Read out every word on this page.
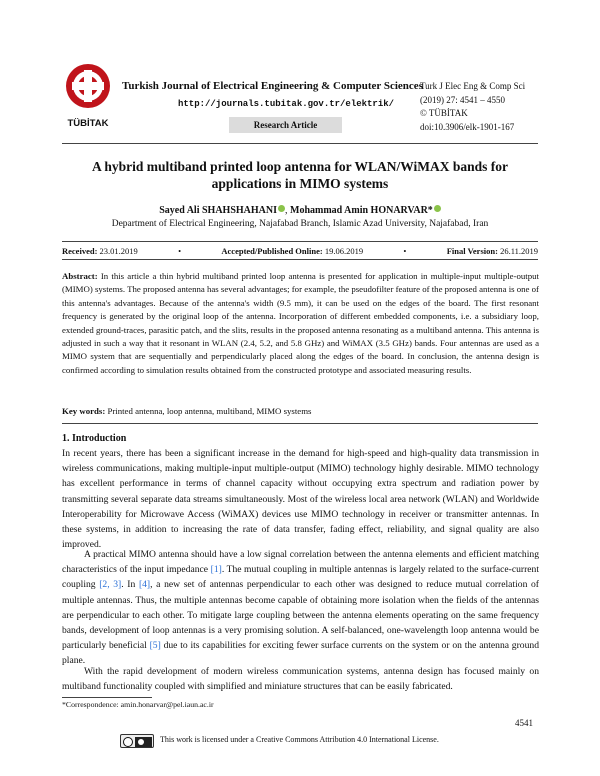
TÜBİTAK
Turkish Journal of Electrical Engineering & Computer Sciences
http://journals.tubitak.gov.tr/elektrik/
Research Article
Turk J Elec Eng & Comp Sci
(2019) 27: 4541 – 4550
© TÜBİTAK
doi:10.3906/elk-1901-167
A hybrid multiband printed loop antenna for WLAN/WiMAX bands for applications in MIMO systems
Sayed Ali SHAHSHAHANI , Mohammad Amin HONARVAR*
Department of Electrical Engineering, Najafabad Branch, Islamic Azad University, Najafabad, Iran
Received: 23.01.2019	•	Accepted/Published Online: 19.06.2019	•	Final Version: 26.11.2019
Abstract: In this article a thin hybrid multiband printed loop antenna is presented for application in multiple-input multiple-output (MIMO) systems. The proposed antenna has several advantages; for example, the pseudofilter feature of the proposed antenna is one of this antenna's advantages. Because of the antenna's width (9.5 mm), it can be used on the edges of the board. The first resonant frequency is generated by the original loop of the antenna. Incorporation of different embedded components, i.e. a subsidiary loop, extended ground-traces, parasitic patch, and the slits, results in the proposed antenna resonating as a multiband antenna. This antenna is adjusted in such a way that it resonant in WLAN (2.4, 5.2, and 5.8 GHz) and WiMAX (3.5 GHz) bands. Four antennas are used as a MIMO system that are sequentially and perpendicularly placed along the edges of the board. In conclusion, the antenna design is confirmed according to simulation results obtained from the constructed prototype and associated measuring results.
Key words: Printed antenna, loop antenna, multiband, MIMO systems
1. Introduction
In recent years, there has been a significant increase in the demand for high-speed and high-quality data transmission in wireless communications, making multiple-input multiple-output (MIMO) technology highly desirable. MIMO technology has excellent performance in terms of channel capacity without occupying extra spectrum and radiation power by transmitting several separate data streams simultaneously. Most of the wireless local area network (WLAN) and Worldwide Interoperability for Microwave Access (WiMAX) devices use MIMO technology in receiver or transmitter antennas. In these systems, in addition to increasing the rate of data transfer, fading effect, reliability, and signal quality are also improved.
A practical MIMO antenna should have a low signal correlation between the antenna elements and efficient matching characteristics of the input impedance [1]. The mutual coupling in multiple antennas is largely related to the surface-current coupling [2, 3]. In [4], a new set of antennas perpendicular to each other was designed to reduce mutual correlation of multiple antennas. Thus, the multiple antennas become capable of obtaining more isolation when the fields of the antennas are perpendicular to each other. To mitigate large coupling between the antenna elements operating on the same frequency bands, development of loop antennas is a very promising solution. A self-balanced, one-wavelength loop antenna would be particularly beneficial [5] due to its capabilities for exciting fewer surface currents on the system or on the antenna ground plane.
With the rapid development of modern wireless communication systems, antenna design has focused mainly on multiband functionality coupled with simplified and miniature structures that can be easily fabricated.
*Correspondence: amin.honarvar@pel.iaun.ac.ir
4541
This work is licensed under a Creative Commons Attribution 4.0 International License.
